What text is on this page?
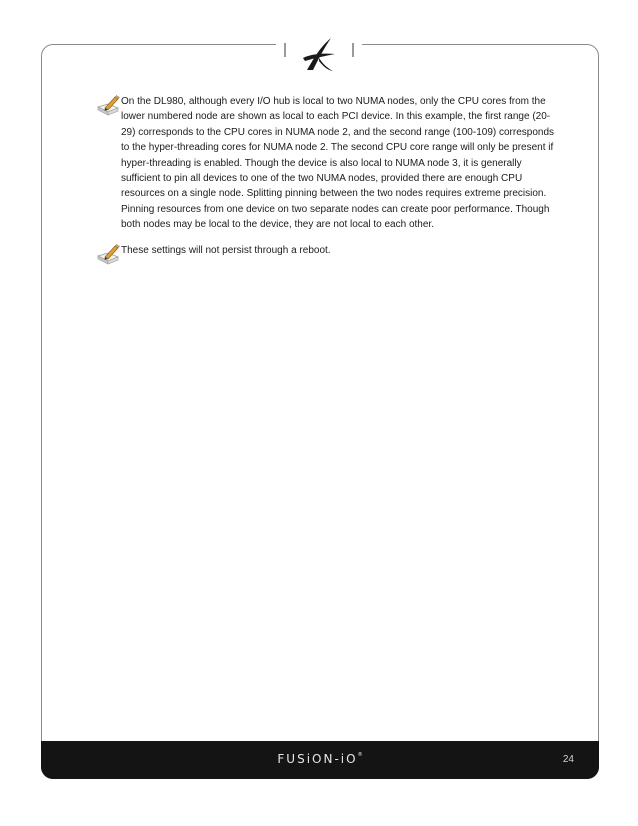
On the DL980, although every I/O hub is local to two NUMA nodes, only the CPU cores from the lower numbered node are shown as local to each PCI device. In this example, the first range (20-29) corresponds to the CPU cores in NUMA node 2, and the second range (100-109) corresponds to the hyper-threading cores for NUMA node 2. The second CPU core range will only be present if hyper-threading is enabled. Though the device is also local to NUMA node 3, it is generally sufficient to pin all devices to one of the two NUMA nodes, provided there are enough CPU resources on a single node. Splitting pinning between the two nodes requires extreme precision. Pinning resources from one device on two separate nodes can create poor performance. Though both nodes may be local to the device, they are not local to each other.

These settings will not persist through a reboot.

FUSiON-iO®	24
